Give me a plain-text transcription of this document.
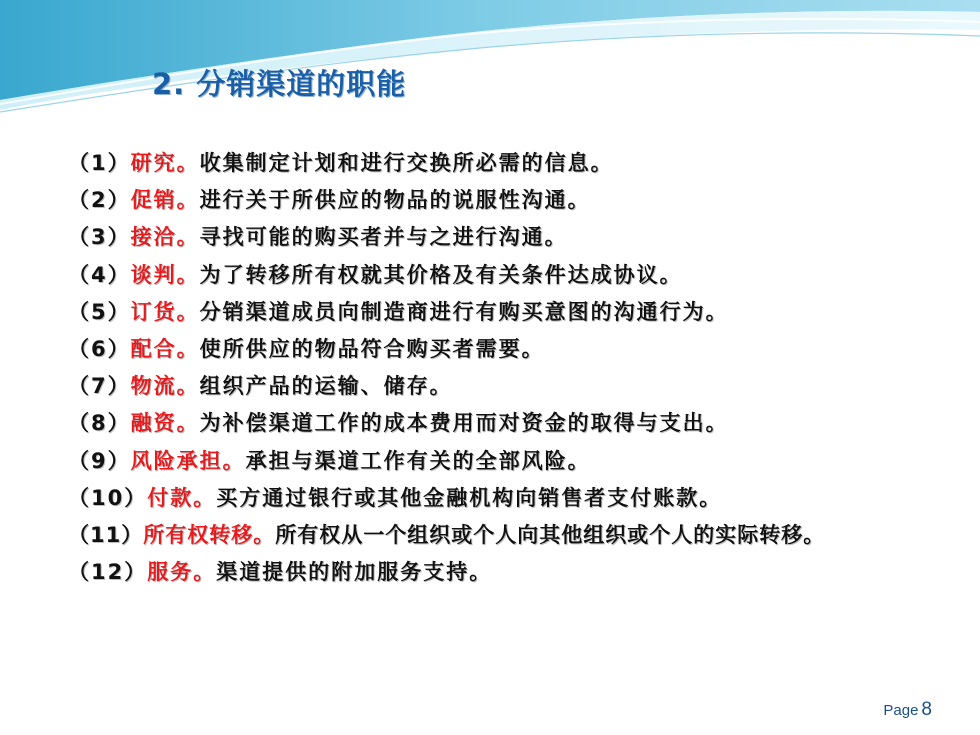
2. 分销渠道的职能
（1）研究。收集制定计划和进行交换所必需的信息。
（2）促销。进行关于所供应的物品的说服性沟通。
（3）接洽。寻找可能的购买者并与之进行沟通。
（4）谈判。为了转移所有权就其价格及有关条件达成协议。
（5）订货。分销渠道成员向制造商进行有购买意图的沟通行为。
（6）配合。使所供应的物品符合购买者需要。
（7）物流。组织产品的运输、储存。
（8）融资。为补偿渠道工作的成本费用而对资金的取得与支出。
（9）风险承担。承担与渠道工作有关的全部风险。
（10）付款。买方通过银行或其他金融机构向销售者支付账款。
（11）所有权转移。所有权从一个组织或个人向其他组织或个人的实际转移。
（12）服务。渠道提供的附加服务支持。
Page 8
